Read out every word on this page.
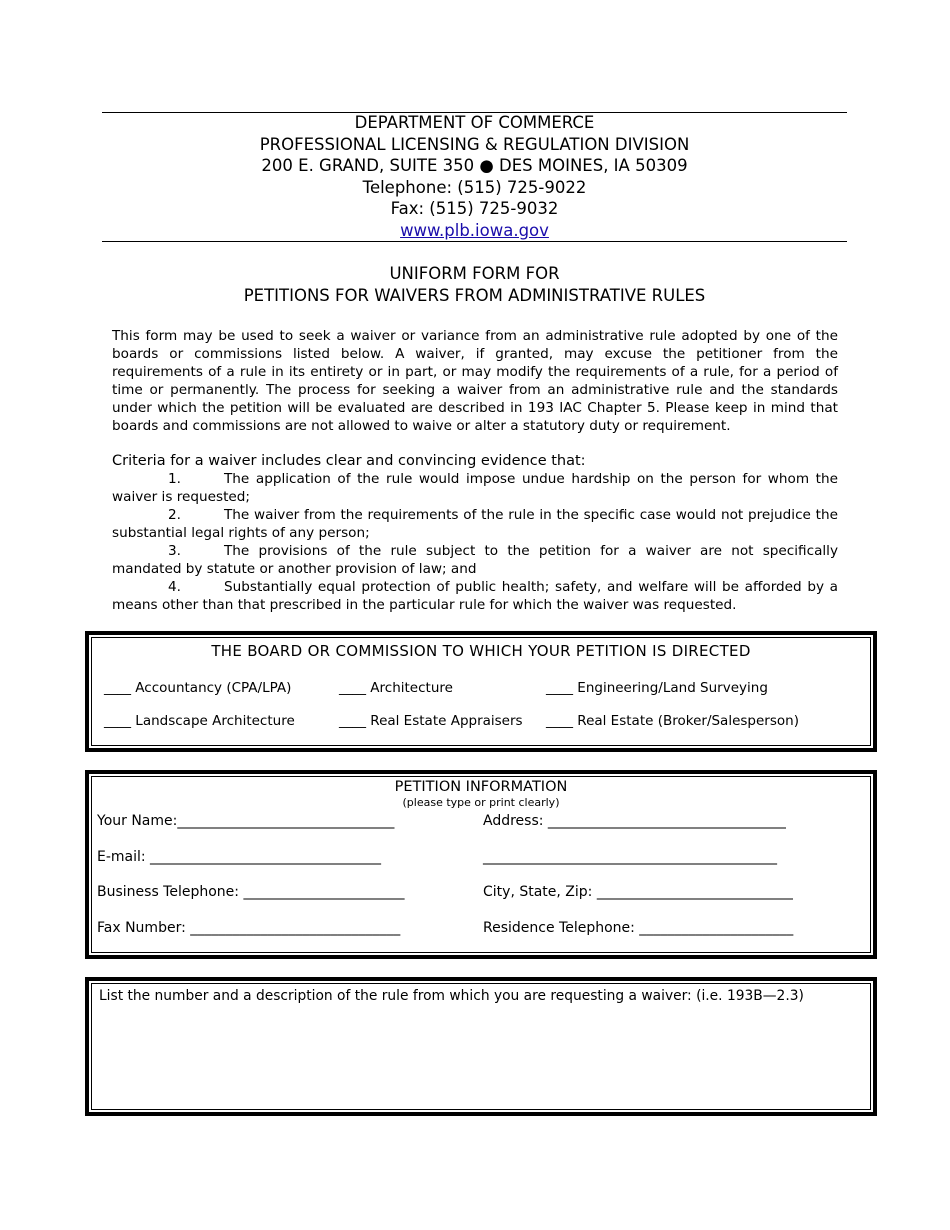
DEPARTMENT OF COMMERCE
PROFESSIONAL LICENSING & REGULATION DIVISION
200 E. GRAND, SUITE 350 ● DES MOINES, IA 50309
Telephone: (515) 725-9022
Fax: (515) 725-9032
www.plb.iowa.gov
UNIFORM FORM FOR
PETITIONS FOR WAIVERS FROM ADMINISTRATIVE RULES
This form may be used to seek a waiver or variance from an administrative rule adopted by one of the boards or commissions listed below. A waiver, if granted, may excuse the petitioner from the requirements of a rule in its entirety or in part, or may modify the requirements of a rule, for a period of time or permanently. The process for seeking a waiver from an administrative rule and the standards under which the petition will be evaluated are described in 193 IAC Chapter 5. Please keep in mind that boards and commissions are not allowed to waive or alter a statutory duty or requirement.
Criteria for a waiver includes clear and convincing evidence that:
1.	The application of the rule would impose undue hardship on the person for whom the waiver is requested;
2.	The waiver from the requirements of the rule in the specific case would not prejudice the substantial legal rights of any person;
3.	The provisions of the rule subject to the petition for a waiver are not specifically mandated by statute or another provision of law; and
4.	Substantially equal protection of public health; safety, and welfare will be afforded by a means other than that prescribed in the particular rule for which the waiver was requested.
THE BOARD OR COMMISSION TO WHICH YOUR PETITION IS DIRECTED
____ Accountancy (CPA/LPA)	____ Architecture	____ Engineering/Land Surveying
____ Landscape Architecture	____ Real Estate Appraisers ____ Real Estate (Broker/Salesperson)
PETITION INFORMATION
(please type or print clearly)
Your Name:_______________________________	Address: __________________________________
E-mail: _________________________________	__________________________________________
Business Telephone: _______________________	City, State, Zip: ____________________________
Fax Number: ______________________________	Residence Telephone: ______________________
List the number and a description of the rule from which you are requesting a waiver: (i.e. 193B—2.3)
